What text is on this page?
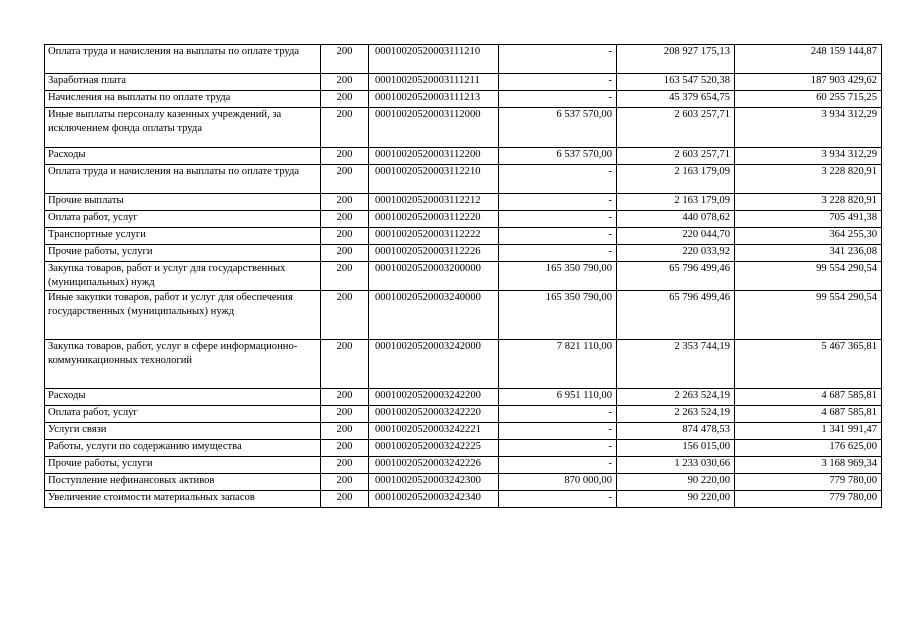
Оплата труда и начисления на выплаты по оплате труда	200	00010020520003111210	-	208 927 175,13	248 159 144,87
Заработная плата	200	00010020520003111211	-	163 547 520,38	187 903 429,62
Начисления на выплаты по оплате труда	200	00010020520003111213	-	45 379 654,75	60 255 715,25
Иные выплаты персоналу казенных учреждений, за исключением фонда оплаты труда	200	00010020520003112000	6 537 570,00	2 603 257,71	3 934 312,29
Расходы	200	00010020520003112200	6 537 570,00	2 603 257,71	3 934 312,29
Оплата труда и начисления на выплаты по оплате труда	200	00010020520003112210	-	2 163 179,09	3 228 820,91
Прочие выплаты	200	00010020520003112212	-	2 163 179,09	3 228 820,91
Оплата работ, услуг	200	00010020520003112220	-	440 078,62	705 491,38
Транспортные услуги	200	00010020520003112222	-	220 044,70	364 255,30
Прочие работы, услуги	200	00010020520003112226	-	220 033,92	341 236,08
Закупка товаров, работ и услуг для государственных (муниципальных) нужд	200	00010020520003200000	165 350 790,00	65 796 499,46	99 554 290,54
Иные закупки товаров, работ и услуг для обеспечения государственных (муниципальных) нужд	200	00010020520003240000	165 350 790,00	65 796 499,46	99 554 290,54
Закупка товаров, работ, услуг в сфере информационно-коммуникационных технологий	200	00010020520003242000	7 821 110,00	2 353 744,19	5 467 365,81
Расходы	200	00010020520003242200	6 951 110,00	2 263 524,19	4 687 585,81
Оплата работ, услуг	200	00010020520003242220	-	2 263 524,19	4 687 585,81
Услуги связи	200	00010020520003242221	-	874 478,53	1 341 991,47
Работы, услуги по содержанию имущества	200	00010020520003242225	-	156 015,00	176 625,00
Прочие работы, услуги	200	00010020520003242226	-	1 233 030,66	3 168 969,34
Поступление нефинансовых активов	200	00010020520003242300	870 000,00	90 220,00	779 780,00
Увеличение стоимости материальных запасов	200	00010020520003242340	-	90 220,00	779 780,00
